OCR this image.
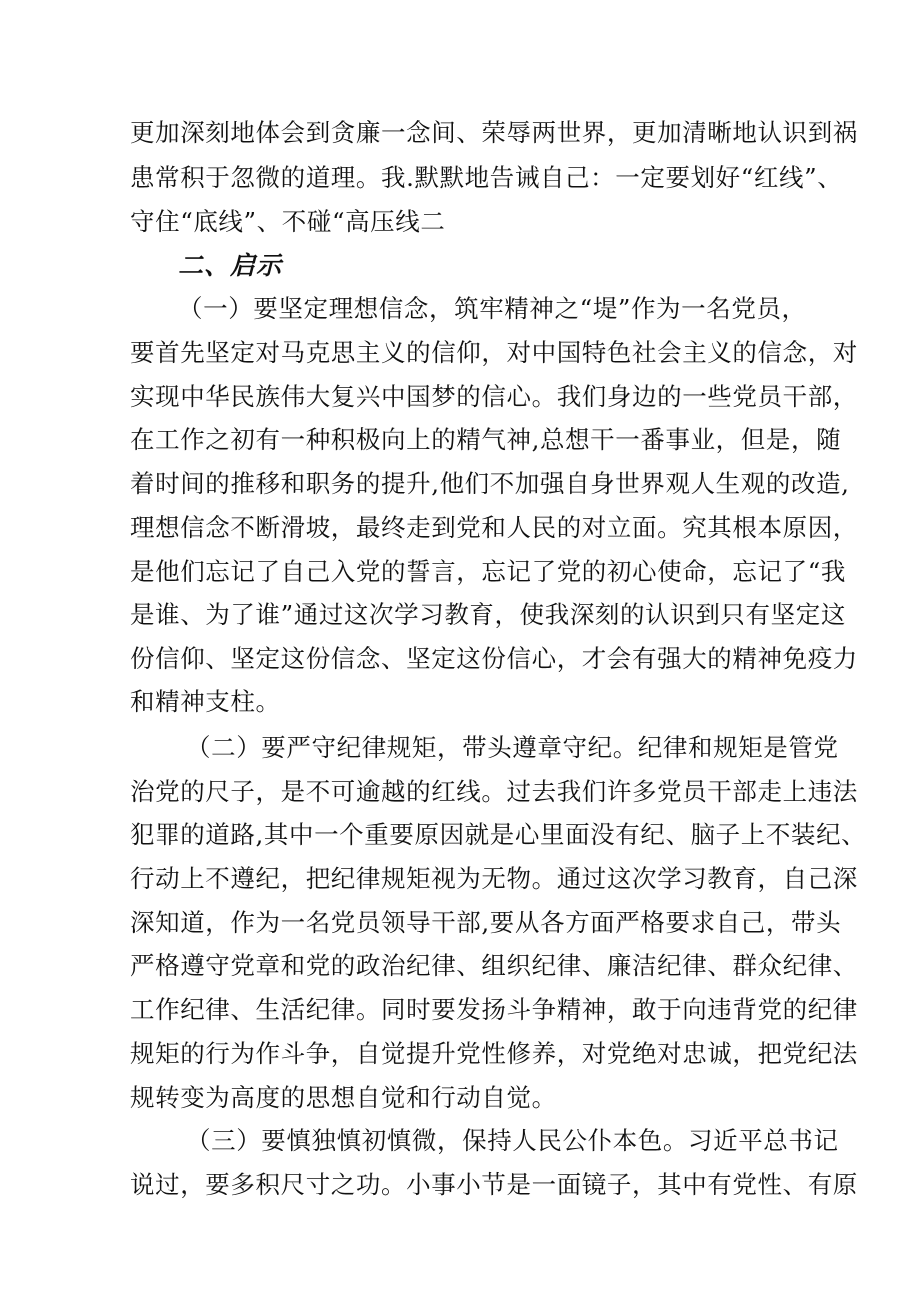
更加深刻地体会到贪廉一念间、荣辱两世界，更加清晰地认识到祸
患常积于忽微的道理。我.默默地告诫自己：一定要划好“红线”、
守住“底线”、不碰“高压线二
二、启示
（一）要坚定理想信念，筑牢精神之“堤”作为一名党员，
要首先坚定对马克思主义的信仰，对中国特色社会主义的信念，对
实现中华民族伟大复兴中国梦的信心。我们身边的一些党员干部，
在工作之初有一种积极向上的精气神,总想干一番事业，但是，随
着时间的推移和职务的提升,他们不加强自身世界观人生观的改造,
理想信念不断滑坡，最终走到党和人民的对立面。究其根本原因，
是他们忘记了自己入党的誓言，忘记了党的初心使命，忘记了“我
是谁、为了谁”通过这次学习教育，使我深刻的认识到只有坚定这
份信仰、坚定这份信念、坚定这份信心，才会有强大的精神免疫力
和精神支柱。
（二）要严守纪律规矩，带头遵章守纪。纪律和规矩是管党
治党的尺子，是不可逾越的红线。过去我们许多党员干部走上违法
犯罪的道路,其中一个重要原因就是心里面没有纪、脑子上不装纪、
行动上不遵纪，把纪律规矩视为无物。通过这次学习教育，自己深
深知道，作为一名党员领导干部,要从各方面严格要求自己，带头
严格遵守党章和党的政治纪律、组织纪律、廉洁纪律、群众纪律、
工作纪律、生活纪律。同时要发扬斗争精神，敢于向违背党的纪律
规矩的行为作斗争，自觉提升党性修养，对党绝对忠诚，把党纪法
规转变为高度的思想自觉和行动自觉。
（三）要慎独慎初慎微，保持人民公仆本色。习近平总书记
说过，要多积尺寸之功。小事小节是一面镜子，其中有党性、有原
